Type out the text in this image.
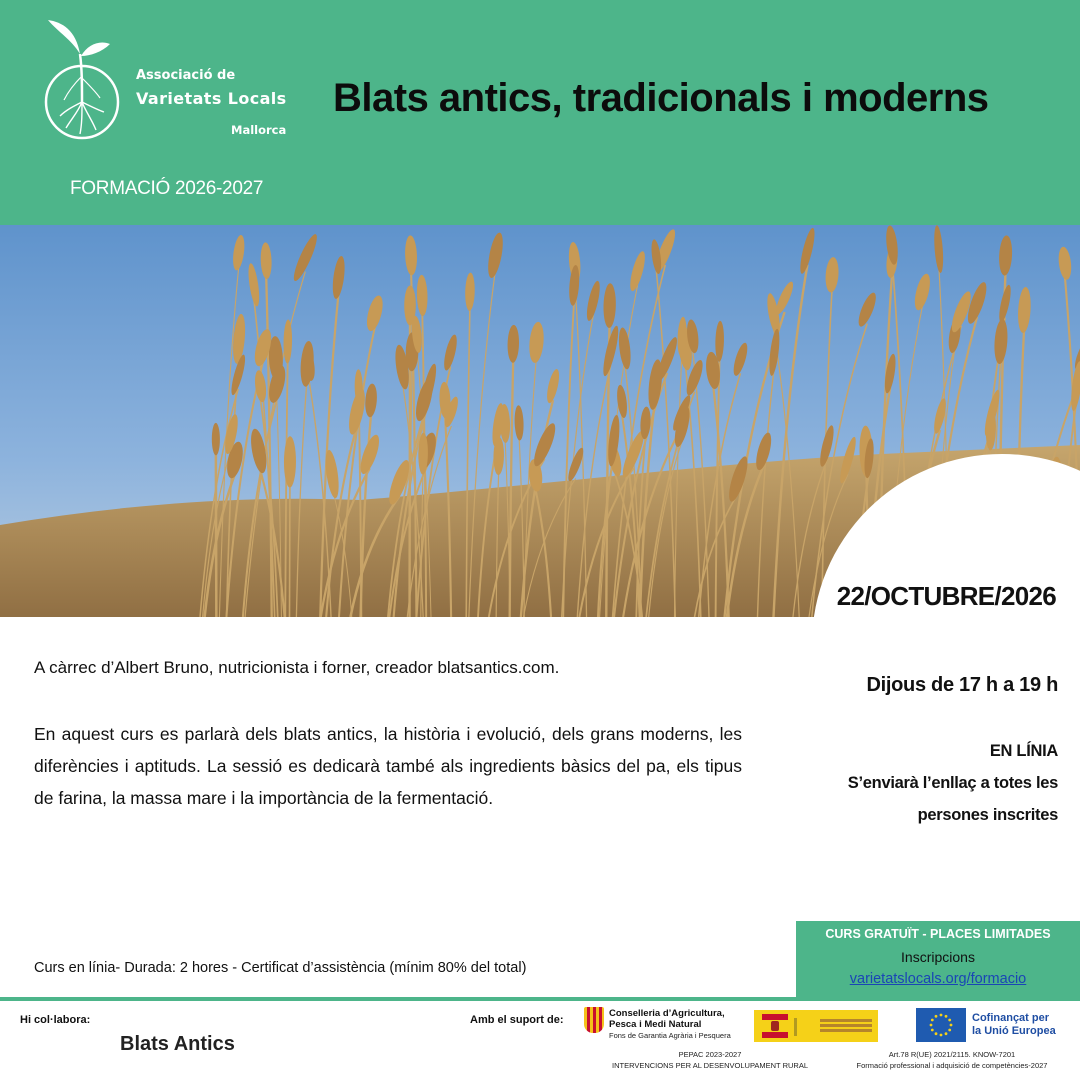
Associació de
Varietats Locals
Mallorca
Blats antics, tradicionals i moderns
FORMACIÓ 2026-2027
22/OCTUBRE/2026
A càrrec d’Albert Bruno, nutricionista i forner, creador blatsantics.com.
En aquest curs es parlarà dels blats antics, la història i evolució, dels grans moderns, les diferències i aptituds. La sessió es dedicarà també als ingredients bàsics del pa, els tipus de farina, la massa mare i la importància de la fermentació.
Dijous de 17 h a 19 h
EN LÍNIA
S’enviarà l’enllaç a totes les
persones inscrites
Curs en línia- Durada: 2 hores - Certificat d’assistència (mínim 80% del total)
CURS GRATUÏT - PLACES LIMITADES
Inscripcions
varietatslocals.org/formacio
Hi col·labora:
Blats Antics
Amb el suport de:
Conselleria d’Agricultura, Pesca i Medi Natural
Fons de Garantia Agrària i Pesquera
Cofinançat per
la Unió Europea
PEPAC 2023-2027
INTERVENCIONS PER AL DESENVOLUPAMENT RURAL
Art.78 R(UE) 2021/2115. KNOW-7201
Formació professional i adquisició de competències-2027
